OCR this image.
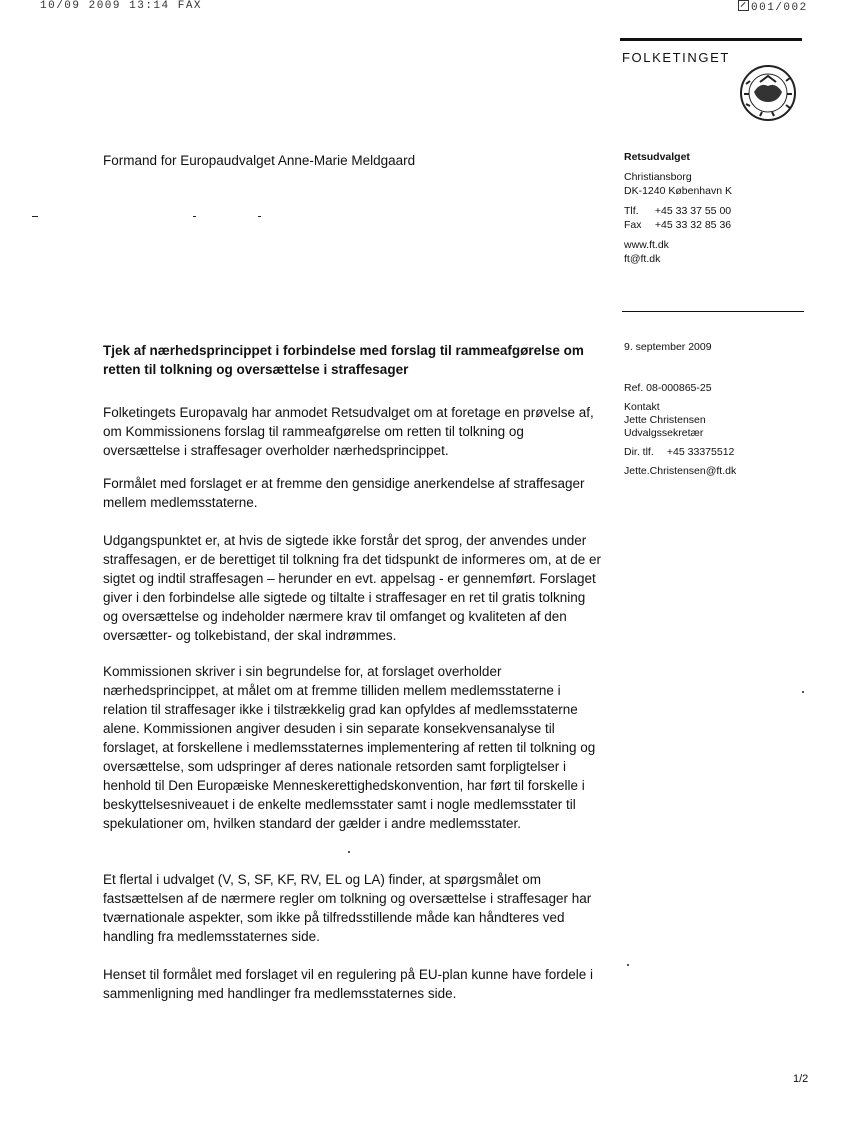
10/09 2009 13:14 FAX	001/002
FOLKETINGET
Formand for Europaudvalget Anne-Marie Meldgaard	Retsudvalget
Christiansborg
DK-1240 København K
Tlf. +45 33 37 55 00
Fax +45 33 32 85 36
www.ft.dk
ft@ft.dk
Tjek af nærhedsprincippet i forbindelse med forslag til rammeafgørelse om retten til tolkning og oversættelse i straffesager
9. september 2009
Ref. 08-000865-25
Kontakt
Jette Christensen
Udvalgssekretær
Dir. tlf. +45 33375512
Jette.Christensen@ft.dk
Folketingets Europavalg har anmodet Retsudvalget om at foretage en prøvelse af, om Kommissionens forslag til rammeafgørelse om retten til tolkning og oversættelse i straffesager overholder nærhedsprincippet.
Formålet med forslaget er at fremme den gensidige anerkendelse af straffesager mellem medlemsstaterne.
Udgangspunktet er, at hvis de sigtede ikke forstår det sprog, der anvendes under straffesagen, er de berettiget til tolkning fra det tidspunkt de informeres om, at de er sigtet og indtil straffesagen – herunder en evt. appelsag - er gennemført. Forslaget giver i den forbindelse alle sigtede og tiltalte i straffesager en ret til gratis tolkning og oversættelse og indeholder nærmere krav til omfanget og kvaliteten af den oversætter- og tolkebistand, der skal indrømmes.
Kommissionen skriver i sin begrundelse for, at forslaget overholder nærhedsprincippet, at målet om at fremme tilliden mellem medlemsstaterne i relation til straffesager ikke i tilstrækkelig grad kan opfyldes af medlemsstaterne alene. Kommissionen angiver desuden i sin separate konsekvensanalyse til forslaget, at forskellene i medlemsstaternes implementering af retten til tolkning og oversættelse, som udspringer af deres nationale retsorden samt forpligtelser i henhold til Den Europæiske Menneskerettighedskonvention, har ført til forskelle i beskyttelsesniveauet i de enkelte medlemsstater samt i nogle medlemsstater til spekulationer om, hvilken standard der gælder i andre medlemsstater.
Et flertal i udvalget (V, S, SF, KF, RV, EL og LA) finder, at spørgsmålet om fastsættelsen af de nærmere regler om tolkning og oversættelse i straffesager har tværnationale aspekter, som ikke på tilfredsstillende måde kan håndteres ved handling fra medlemsstaternes side.
Henset til formålet med forslaget vil en regulering på EU-plan kunne have fordele i sammenligning med handlinger fra medlemsstaternes side.
1/2
